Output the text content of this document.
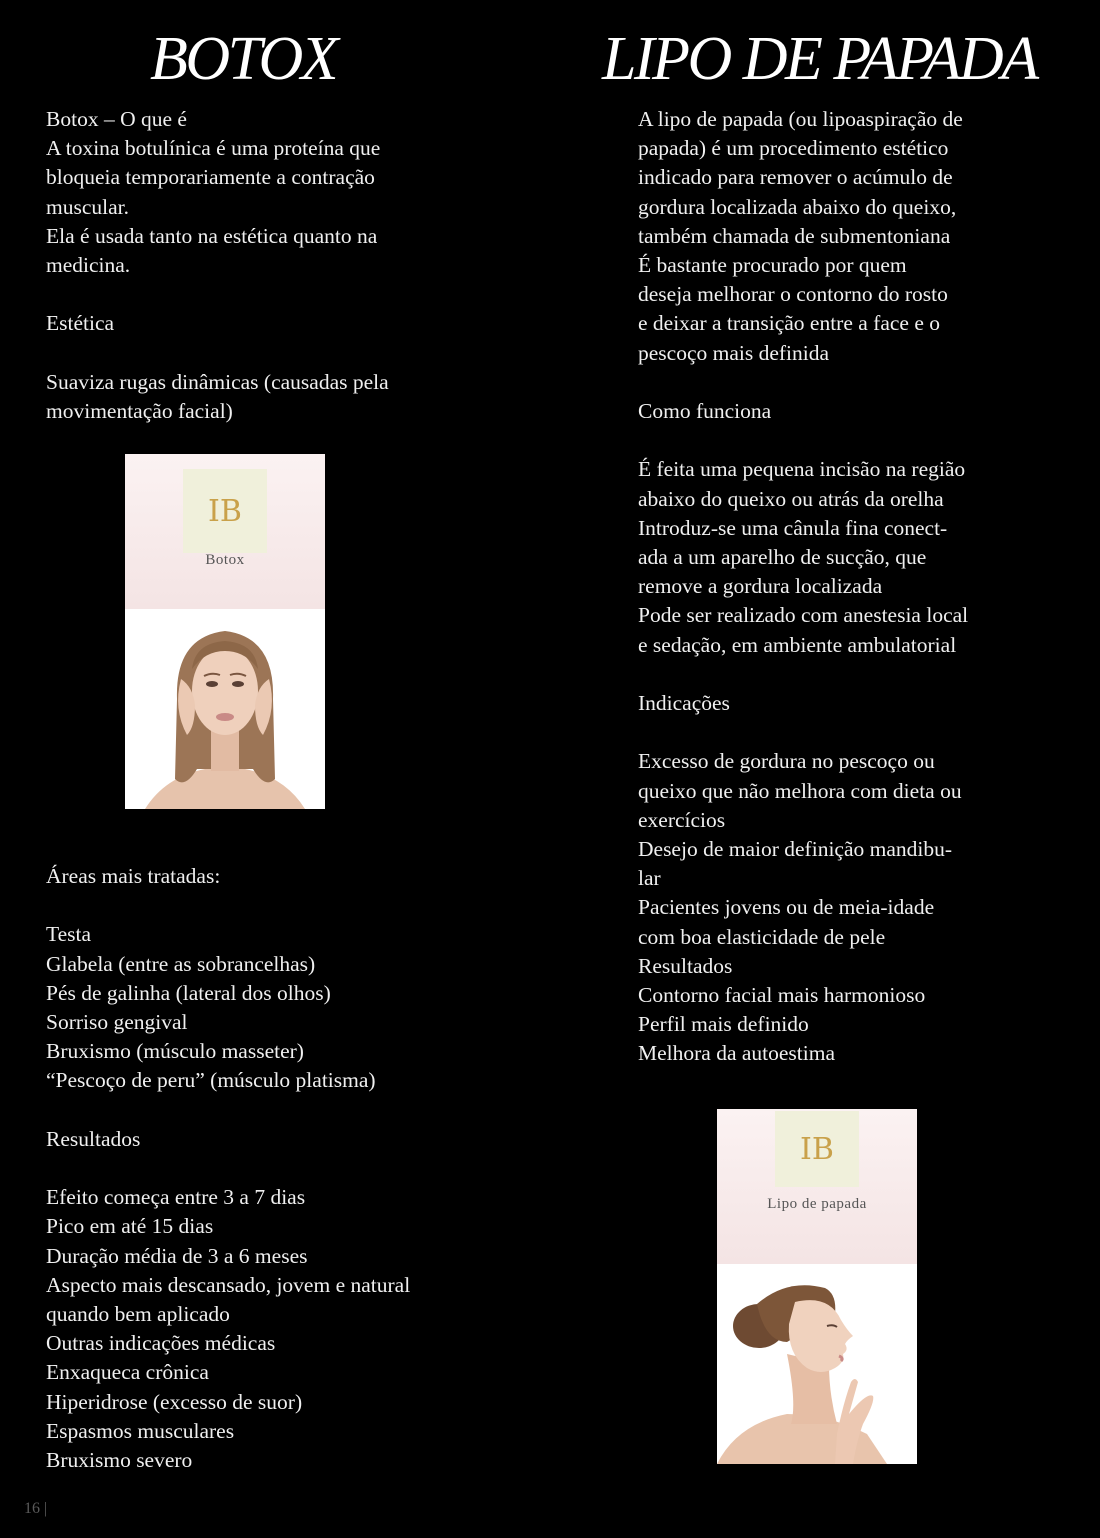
BOTOX	LIPO DE PAPADA

Botox – O que é

A toxina botulínica é uma proteína que

bloqueia temporariamente a contração

muscular.

Ela é usada tanto na estética quanto na

medicina.

Estética

Suaviza rugas dinâmicas (causadas pela

movimentação facial)

IB
Botox

Áreas mais tratadas:

Testa

Glabela (entre as sobrancelhas)

Pés de galinha (lateral dos olhos)

Sorriso gengival

Bruxismo (músculo masseter)

“Pescoço de peru” (músculo platisma)

Resultados

Efeito começa entre 3 a 7 dias

Pico em até 15 dias

Duração média de 3 a 6 meses

Aspecto mais descansado, jovem e natural

quando bem aplicado

Outras indicações médicas

Enxaqueca crônica

Hiperidrose (excesso de suor)

Espasmos musculares

Bruxismo severo

A lipo de papada (ou lipoaspiração de

papada) é um procedimento estético

indicado para remover o acúmulo de

gordura localizada abaixo do queixo,

também chamada de submentoniana

É bastante procurado por quem

deseja melhorar o contorno do rosto

e deixar a transição entre a face e o

pescoço mais definida

Como funciona

É feita uma pequena incisão na região

abaixo do queixo ou atrás da orelha

Introduz-se uma cânula fina conect-

ada a um aparelho de sucção, que

remove a gordura localizada

Pode ser realizado com anestesia local

e sedação, em ambiente ambulatorial

Indicações

Excesso de gordura no pescoço ou

queixo que não melhora com dieta ou

exercícios

Desejo de maior definição mandibu-

lar

Pacientes jovens ou de meia-idade

com boa elasticidade de pele

Resultados

Contorno facial mais harmonioso

Perfil mais definido

Melhora da autoestima

IB
Lipo de papada
16 |
